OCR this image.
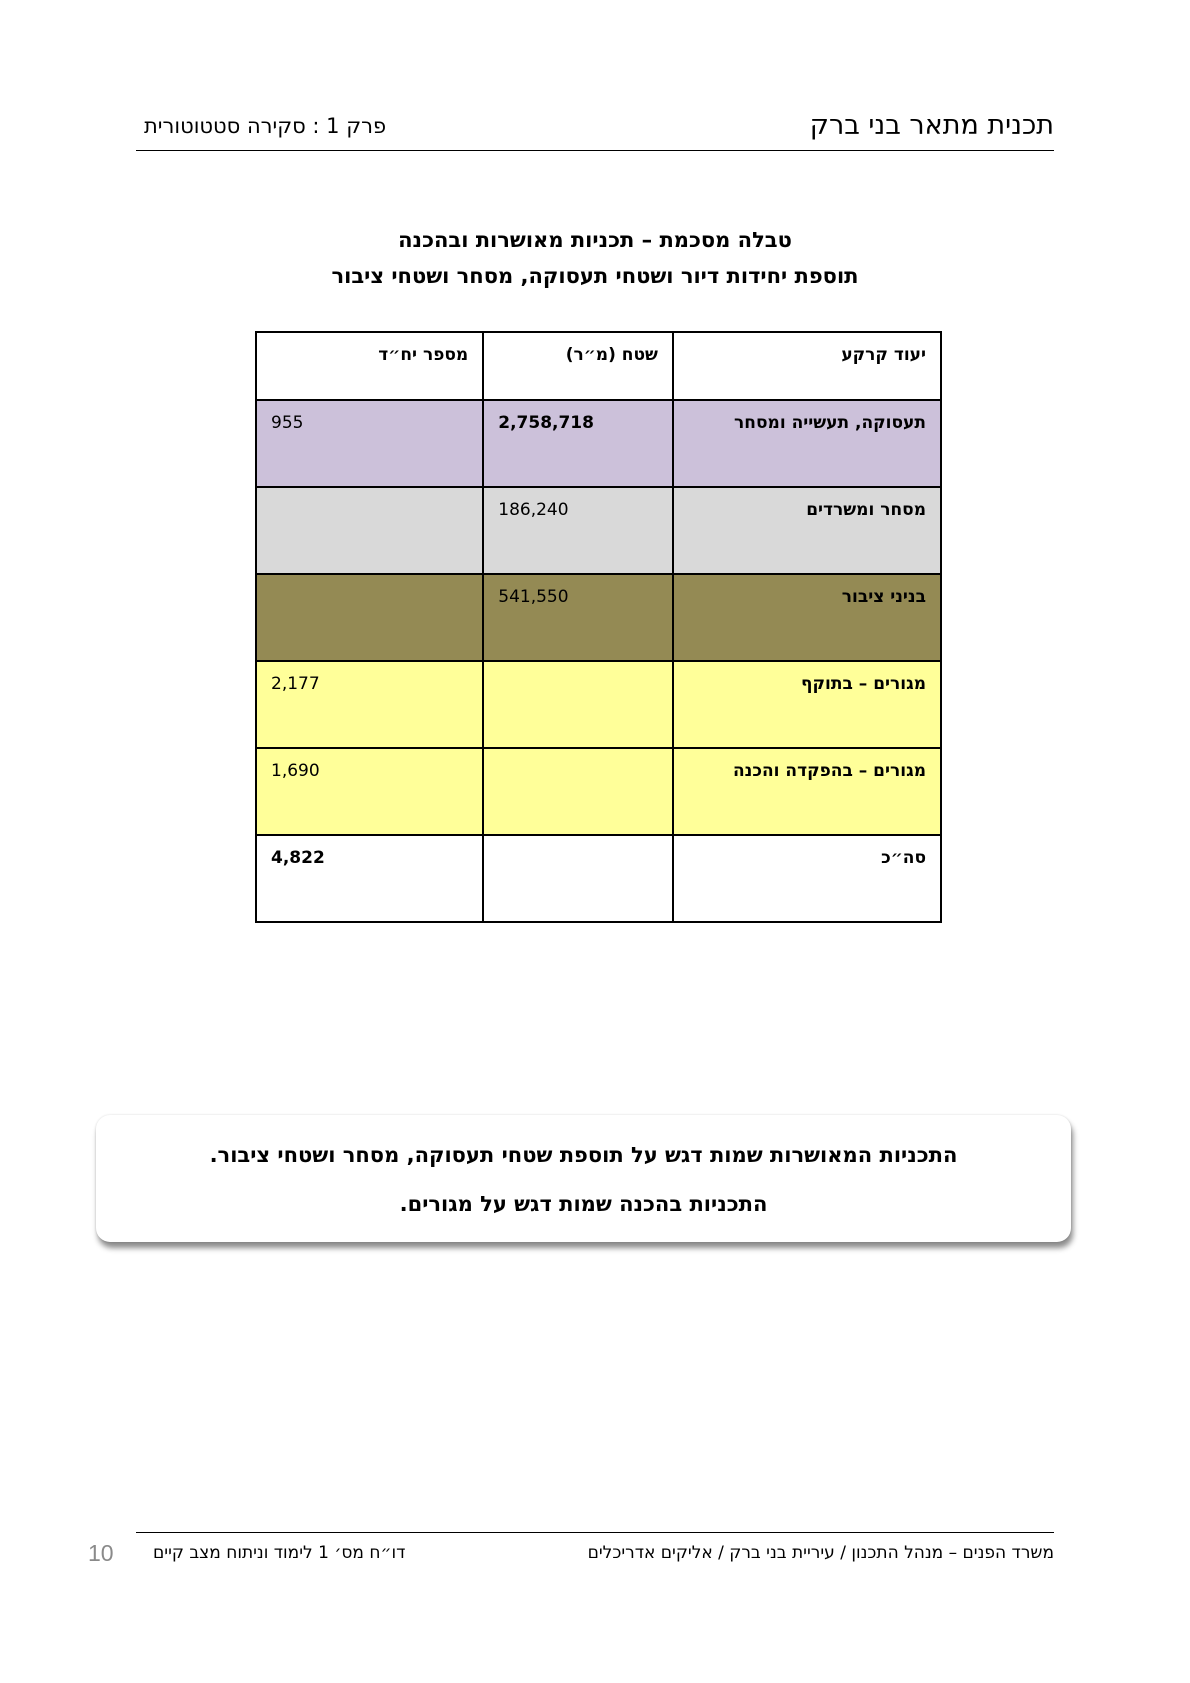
תכנית מתאר בני ברק
פרק 1 : סקירה סטטוטורית
טבלה מסכמת – תכניות מאושרות ובהכנה
תוספת יחידות דיור ושטחי תעסוקה, מסחר ושטחי ציבור
יעוד קרקע	שטח (מ״ר)	מספר יח״ד
תעסוקה, תעשייה ומסחר	2,758,718	955
מסחר ומשרדים	186,240	
בניני ציבור	541,550	
מגורים – בתוקף		2,177
מגורים – בהפקדה והכנה		1,690
סה״כ		4,822
התכניות המאושרות שמות דגש על תוספת שטחי תעסוקה, מסחר ושטחי ציבור.
התכניות בהכנה שמות דגש על מגורים.
משרד הפנים – מנהל התכנון / עיריית בני ברק / אליקים אדריכלים
דו״ח מס׳ 1 לימוד וניתוח מצב קיים
10
